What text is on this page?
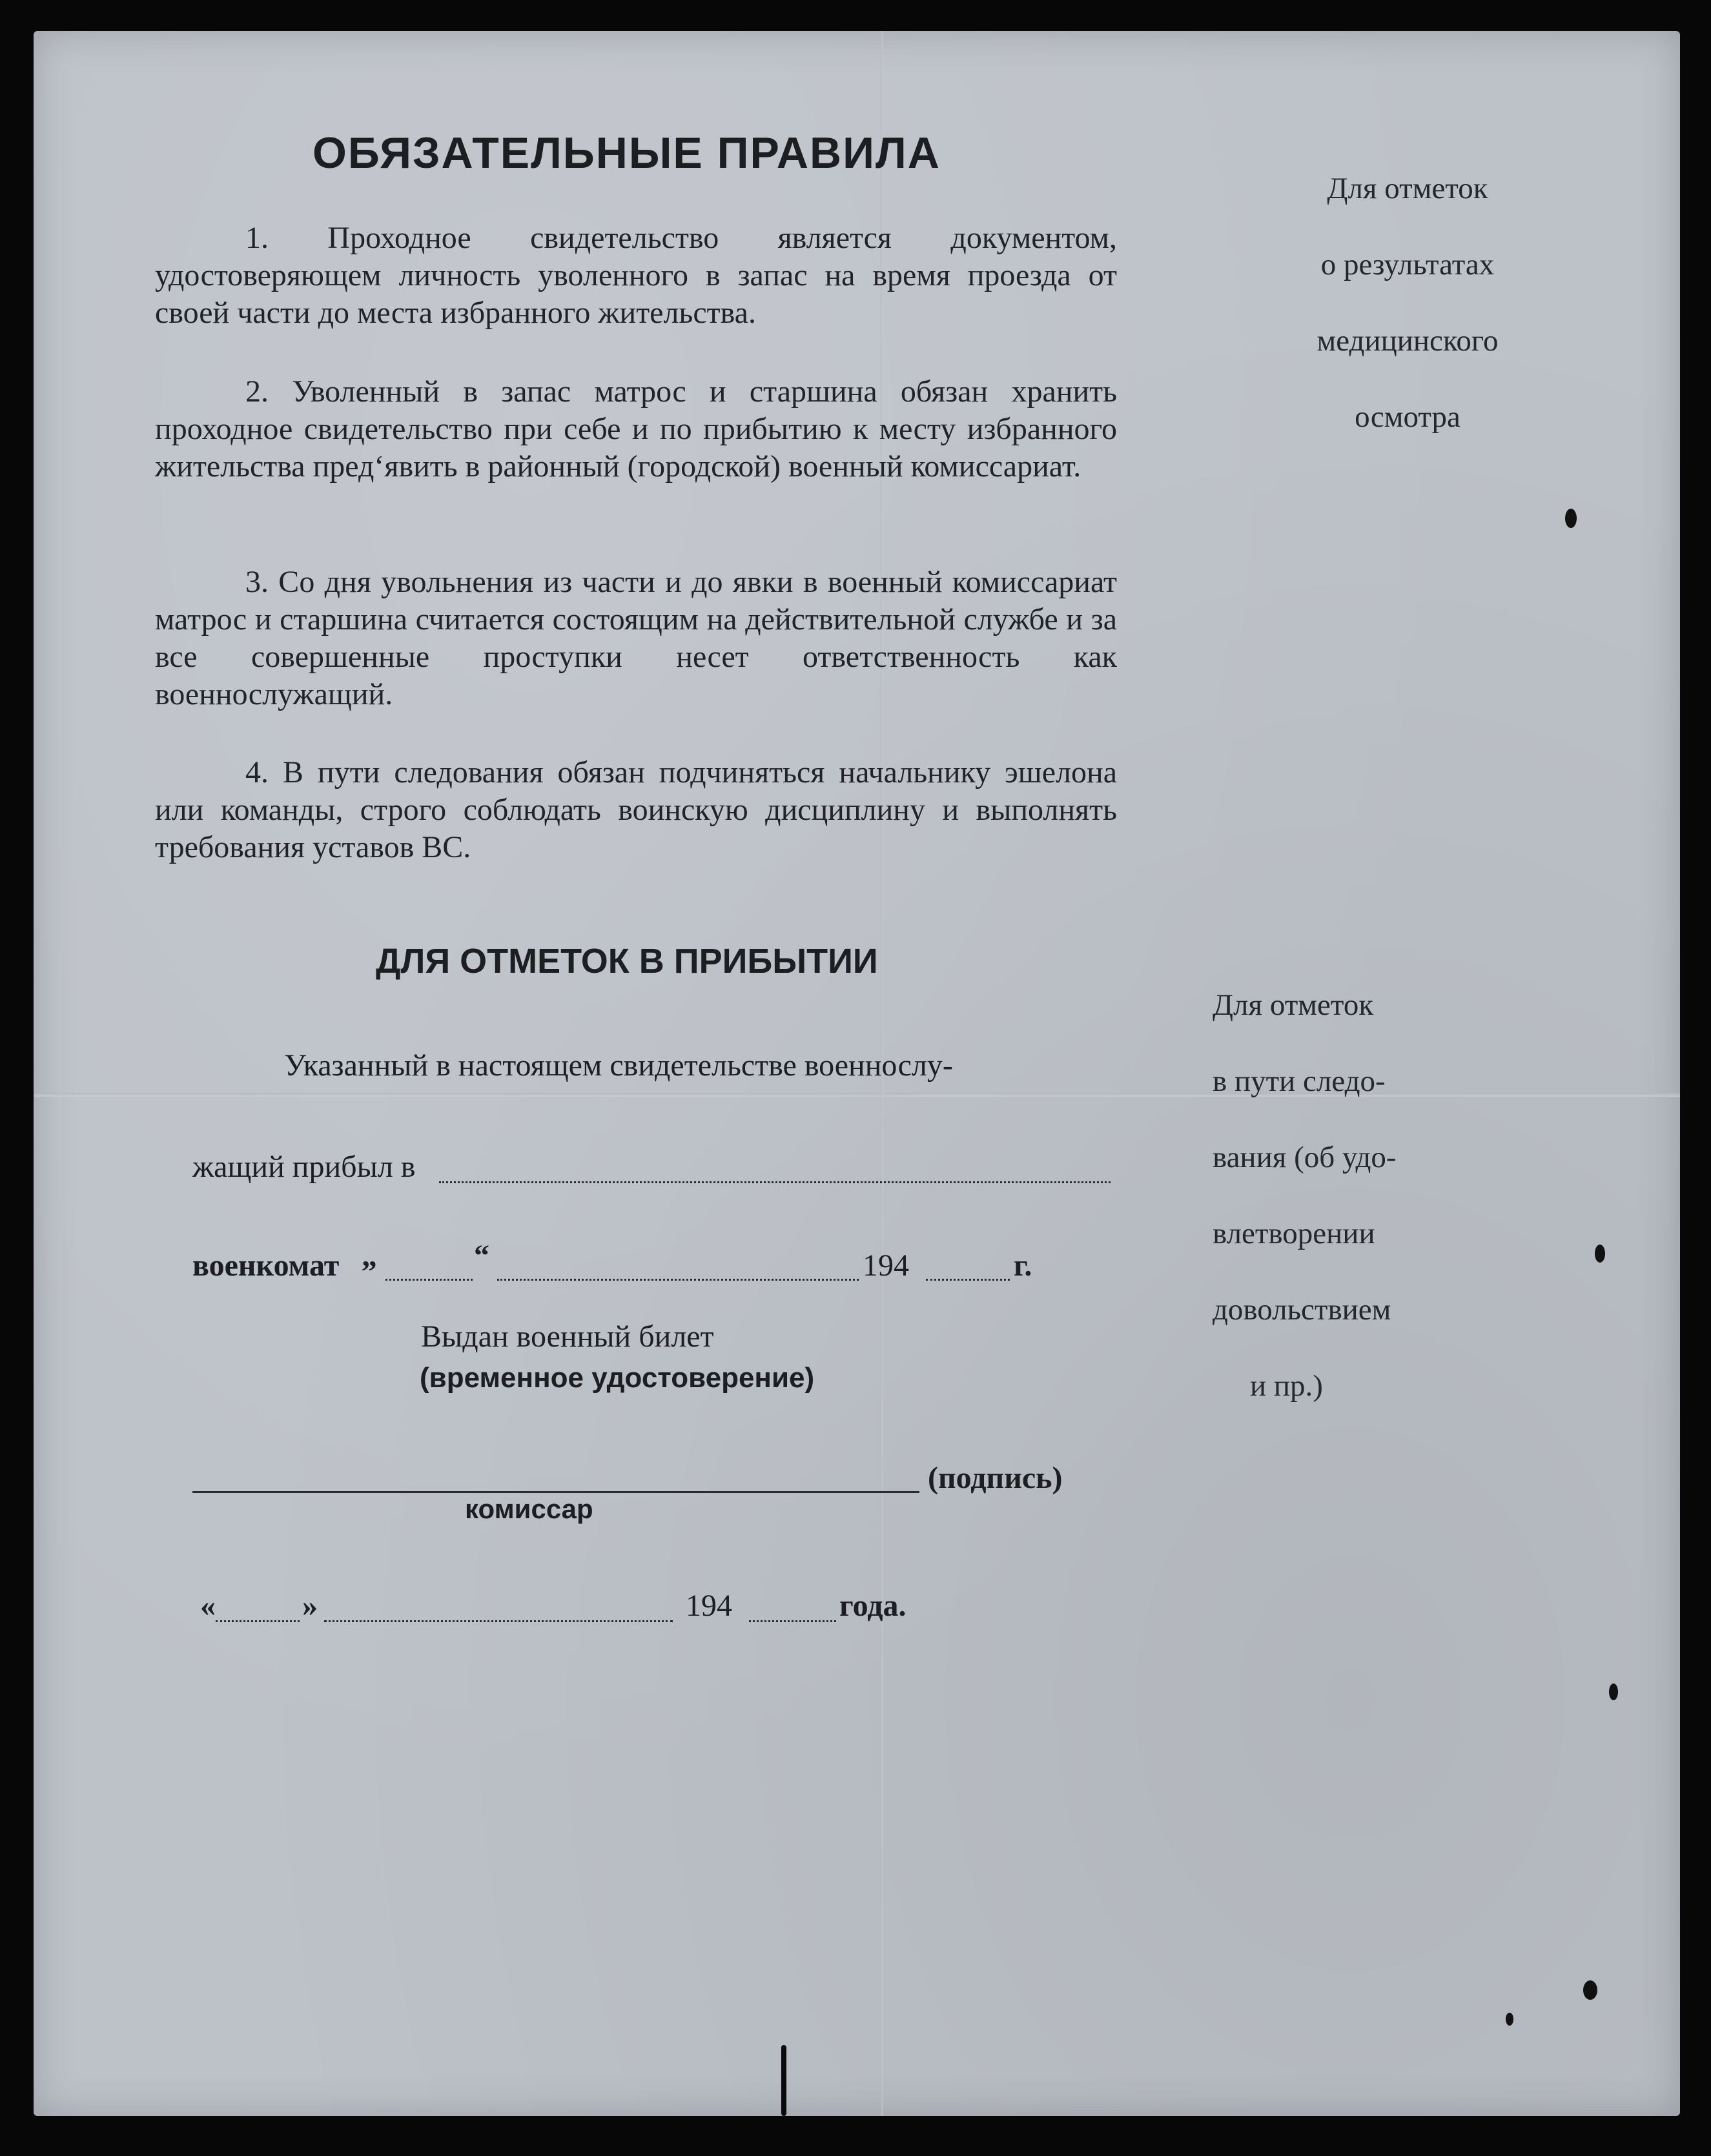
ОБЯЗАТЕЛЬНЫЕ ПРАВИЛА
1. Проходное свидетельство является документом, удостоверяющем личность уволенного в запас на время проезда от своей части до места избранного жительства.
2. Уволенный в запас матрос и старшина обязан хранить проходное свидетельство при себе и по прибытию к месту избранного жительства пред‘явить в районный (городской) военный комиссариат.
3. Со дня увольнения из части и до явки в военный комиссариат матрос и старшина считается состоящим на действительной службе и за все совершенные проступки несет ответственность как военнослужащий.
4. В пути следования обязан подчиняться начальнику эшелона или команды, строго соблюдать воинскую дисциплину и выполнять требования уставов ВС.
Для отметок
о результатах
медицинского
осмотра
ДЛЯ ОТМЕТОК В ПРИБЫТИИ
Указанный в настоящем свидетельстве военнослу-
жащий прибыл в
военкомат „	“	194	г.
Выдан военный билет
(временное удостоверение)
(подпись)
комиссар
«	»	194	года.
Для отметок
в пути следо-
вания (об удо-
влетворении
довольствием
и пр.)
